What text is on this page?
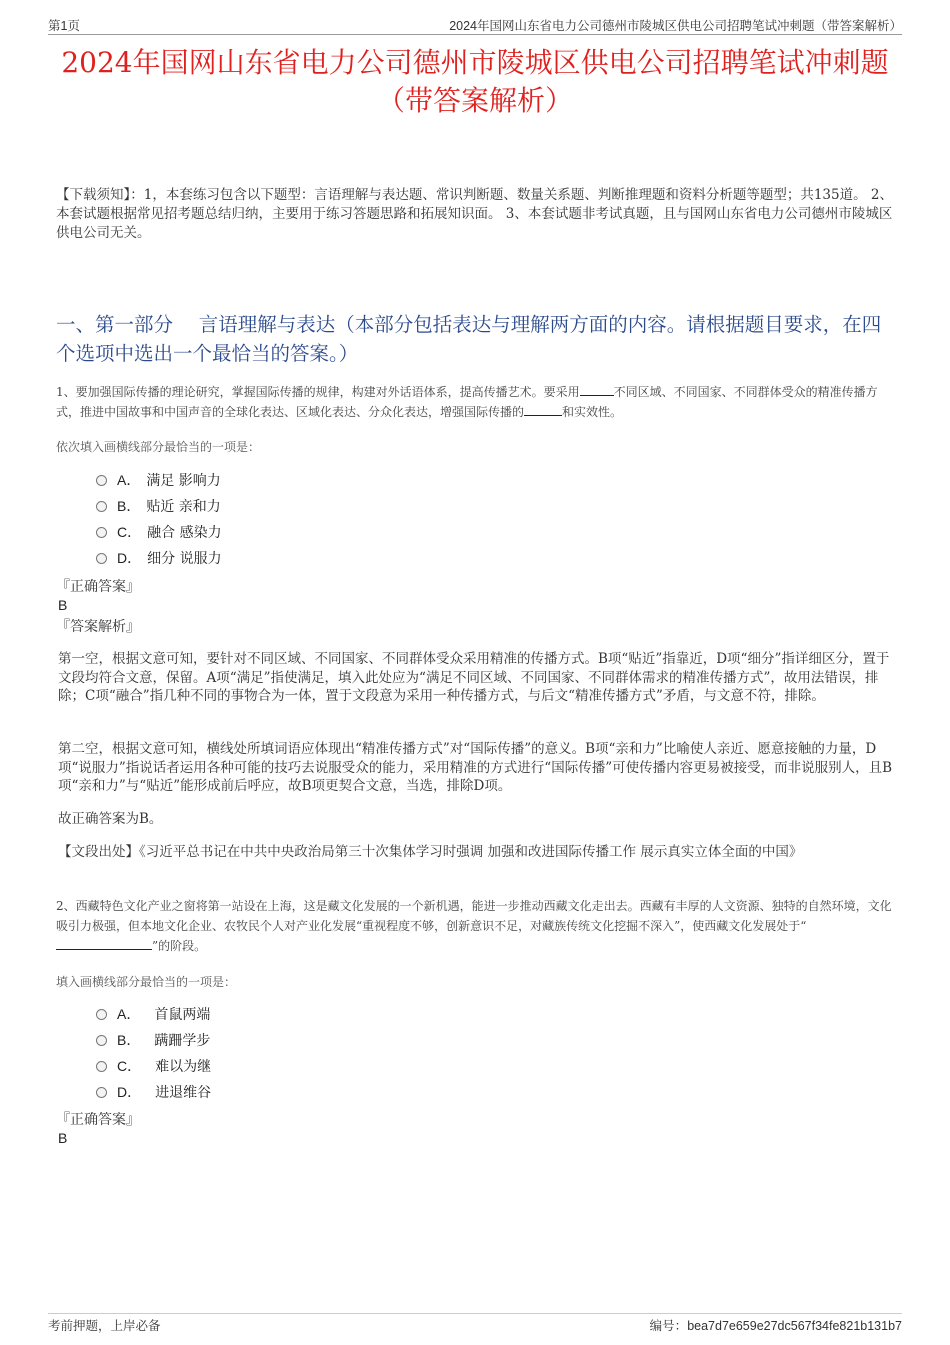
第1页	2024年国网山东省电力公司德州市陵城区供电公司招聘笔试冲刺题（带答案解析）
2024年国网山东省电力公司德州市陵城区供电公司招聘笔试冲刺题（带答案解析）
【下载须知】：1，本套练习包含以下题型：言语理解与表达题、常识判断题、数量关系题、判断推理题和资料分析题等题型；共135道。 2、本套试题根据常见招考题总结归纳，主要用于练习答题思路和拓展知识面。 3、本套试题非考试真题，且与国网山东省电力公司德州市陵城区供电公司无关。
一、第一部分　 言语理解与表达（本部分包括表达与理解两方面的内容。请根据题目要求，在四个选项中选出一个最恰当的答案。）
1、要加强国际传播的理论研究，掌握国际传播的规律，构建对外话语体系，提高传播艺术。要采用	不同区域、不同国家、不同群体受众的精准传播方式，推进中国故事和中国声音的全球化表达、区域化表达、分众化表达，增强国际传播的	和实效性。
依次填入画横线部分最恰当的一项是：
A． 满足 影响力
B． 贴近 亲和力
C． 融合 感染力
D． 细分 说服力
『正确答案』
B
『答案解析』
第一空，根据文意可知，要针对不同区域、不同国家、不同群体受众采用精准的传播方式。B项“贴近”指靠近，D项“细分”指详细区分，置于文段均符合文意，保留。A项“满足”指使满足，填入此处应为“满足不同区域、不同国家、不同群体需求的精准传播方式”，故用法错误，排除；C项“融合”指几种不同的事物合为一体，置于文段意为采用一种传播方式，与后文“精准传播方式”矛盾，与文意不符，排除。
第二空，根据文意可知，横线处所填词语应体现出“精准传播方式”对“国际传播”的意义。B项“亲和力”比喻使人亲近、愿意接触的力量，D项“说服力”指说话者运用各种可能的技巧去说服受众的能力，采用精准的方式进行“国际传播”可使传播内容更易被接受，而非说服别人，且B项“亲和力”与“贴近”能形成前后呼应，故B项更契合文意，当选，排除D项。
故正确答案为B。
【文段出处】《习近平总书记在中共中央政治局第三十次集体学习时强调 加强和改进国际传播工作 展示真实立体全面的中国》
2、西藏特色文化产业之窗将第一站设在上海，这是藏文化发展的一个新机遇，能进一步推动西藏文化走出去。西藏有丰厚的人文资源、独特的自然环境，文化吸引力极强，但本地文化企业、农牧民个人对产业化发展“重视程度不够，创新意识不足，对藏族传统文化挖掘不深入”，使西藏文化发展处于“”的阶段。
填入画横线部分最恰当的一项是：
A． 首鼠两端
B． 蹒跚学步
C． 难以为继
D． 进退维谷
『正确答案』
B
考前押题，上岸必备	编号：bea7d7e659e27dc567f34fe821b131b7
